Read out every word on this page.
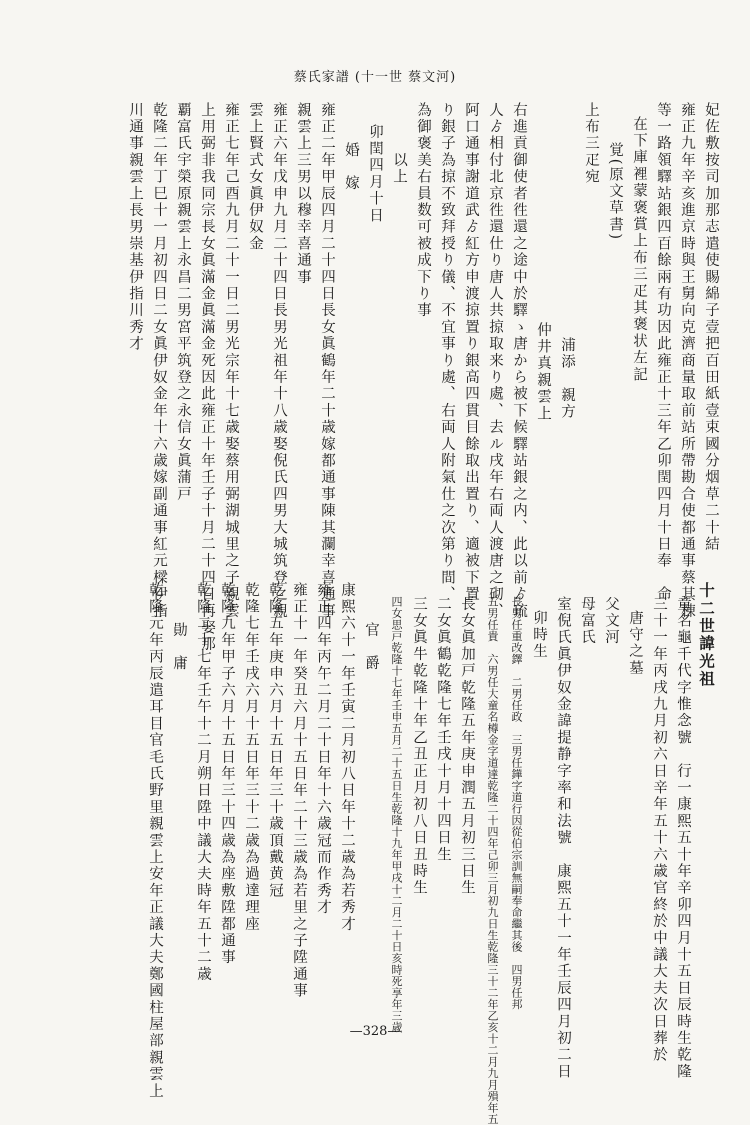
蔡氏家譜 (十一世 蔡文河)
妃佐敷按司加那志遣使賜綿子壹把百田紙壹束國分烟草二十結
雍正九年辛亥進京時與王舅向克濟商量取前站所帶勘合使都通事蔡其棟
等一路領驛站銀四百餘兩有功因此雍正十三年乙卯閏四月十日奉　命
在下庫裡蒙褒賞上布三疋其褒状左記
覚(原文草書)
上布三疋宛
浦添　親方
仲井真親雲上
右進貢御使者徃還之途中於驛ゝ唐から被下候驛站銀之内、此以前ゟ琉
人ゟ相付北京徃還仕り唐人共掠取来り處、去ル戌年右両人渡唐之砌、
阿口通事謝道武ゟ紅方申渡掠置り銀高四貫目餘取出置り、適被下置
り銀子為掠不致拜授り儀、不宜事り處、右両人附氣仕之次第り間、
為御褒美右員数可被成下り事
以上
卯閏四月十日
婚　嫁
雍正二年甲辰四月二十四日長女眞鶴年二十歳嫁都通事陳其瀾幸喜通事
親雲上三男以穆幸喜通事
雍正六年戊申九月二十四日長男光祖年十八歳娶倪氏四男大城筑登之親
雲上賢式女眞伊奴金
雍正七年己酉九月二十一日二男光宗年十七歳娶蔡用弼湖城里之子親雲
上用弼非我同宗長女眞滿金眞滿金死因此雍正十年壬子十月二十四日再娶那
覇富氏宇榮原親雲上永昌二男宮平筑登之永信女眞蒲戸
乾隆二年丁巳十一月初四日二女眞伊奴金年十六歳嫁副通事紅元樑伊指
川通事親雲上長男崇基伊指川秀才
十二世諱光祖
童名龜千代字惟念號　行一康熙五十年辛卯四月十五日辰時生乾隆
三十一年丙戌九月初六日辛年五十六歳官終於中議大夫次日葬於
唐守之墓
父文河
母富氏
室倪氏眞伊奴金諱提静字率和法號　康熙五十一年壬辰四月初二日
卯時生
長男任重改鐸　二男任政　三男任鏵字道行因從伯宗訓無嗣奉命繼其後　四男任邦
五男任貴　六男任大童名樽金字道達乾隆二十四年己卯三月初九日生乾隆三十二年乙亥十二月九月殞年五
長女眞加戸乾隆五年庚申潤五月初三日生
二女眞鶴乾隆七年壬戌十月十四日生
三女眞牛乾隆十年乙丑正月初八日丑時生
四女思戸乾隆十七年壬申五月二十五日生乾隆十九年甲戌十二月二十日亥時死享年三歳
官　爵
康熙六十一年壬寅二月初八日年十二歳為若秀才
雍正四年丙午二月二十日年十六歳冠而作秀才
雍正十一年癸丑六月十五日年二十三歳為若里之子陞通事
乾隆五年庚申六月十五日年三十歳頂戴黄冠
乾隆七年壬戌六月十五日年三十二歳為過達理座
乾隆九年甲子六月十五日年三十四歳為座敷陞都通事
乾隆二十七年壬午十二月朔日陞中議大夫時年五十二歳
勛　庸
乾隆元年丙辰遣耳目官毛氏野里親雲上安年正議大夫鄭國柱屋部親雲上	—328—
